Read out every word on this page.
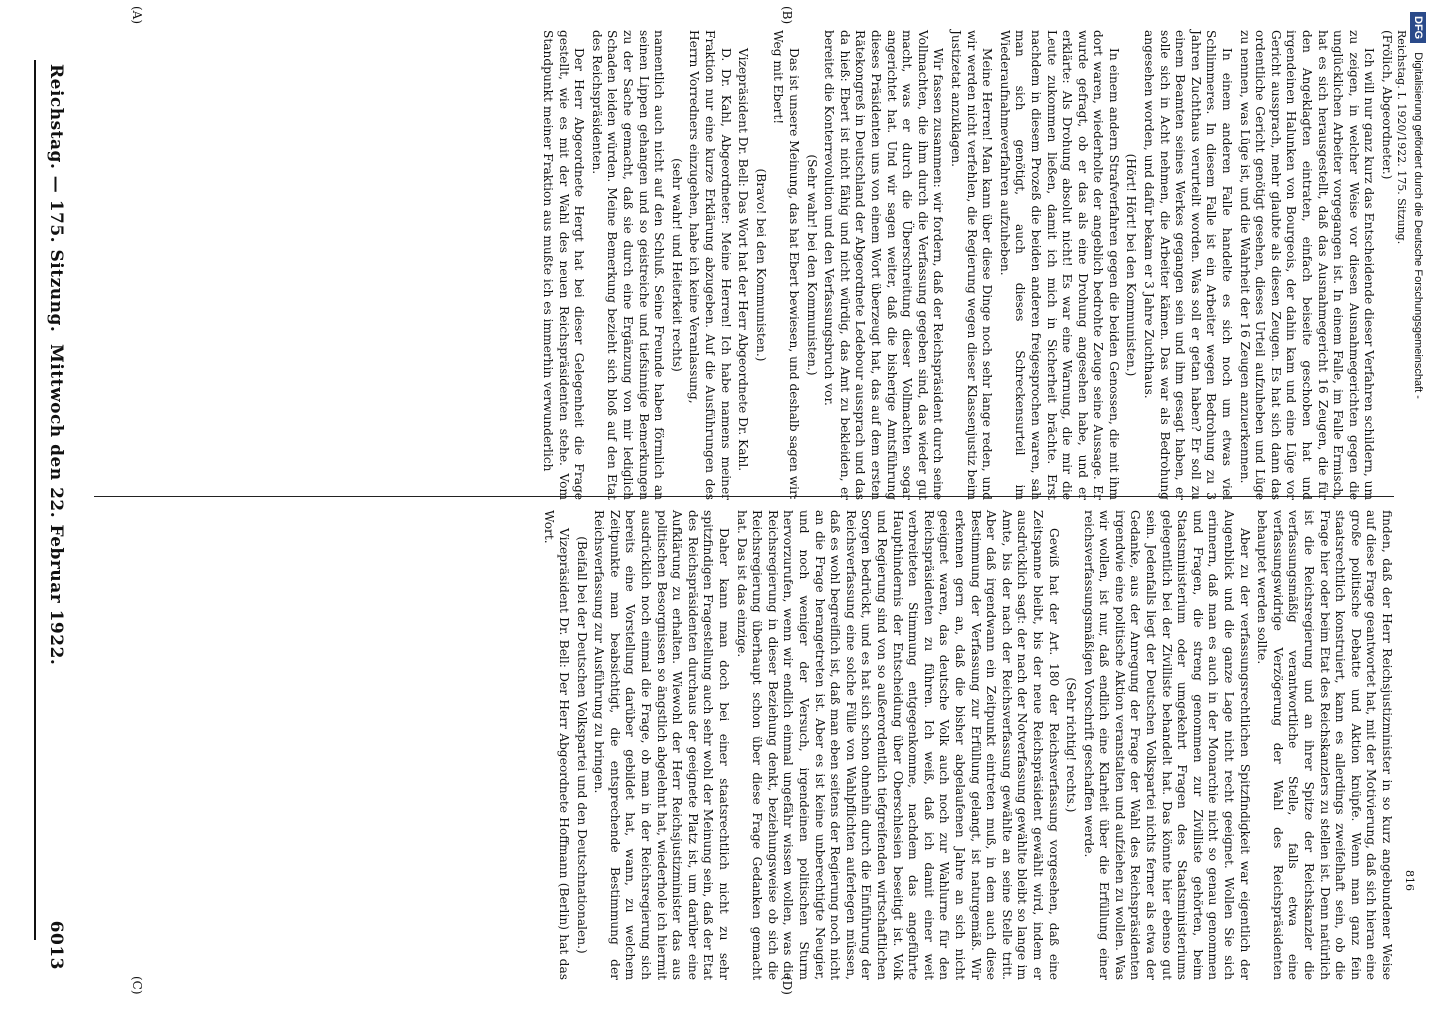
Reichstag. — 175. Sitzung.
Mittwoch den 22. Februar 1922.
6013
816
Reichstag. I. 1920/1922. 175. Sitzung.
(A)	(B)
(C)	(D)

(Frölich, Abgeordneter.)

Ich will nur ganz kurz das Entscheidende dieser Verfahren schildern, um zu zeigen, in welcher Weise vor diesen Ausnahmegerichten gegen die unglücklichen Arbeiter vorgegangen ist. In einem Falle, im Falle Ermisch, hat es sich herausgestellt, daß das Ausnahmegericht 16 Zeugen, die für den Angeklagten eintraten, einfach beiseite geschoben hat und irgendeinen Halunken von Bourgeois, der dahin kam und eine Lüge vor Gericht aussprach, mehr glaubte als diesen Zeugen. Es hat sich dann das ordentliche Gericht genötigt gesehen, dieses Urteil aufzuheben und Lüge zu nennen, was Lüge ist, und die Wahrheit der 16 Zeugen anzuerkennen.

In einem anderen Falle handelte es sich noch um etwas viel Schlimmeres. In diesem Falle ist ein Arbeiter wegen Bedrohung zu 3 Jahren Zuchthaus verurteilt worden. Was soll er getan haben? Er soll zu einem Beamten seines Werkes gegangen sein und ihm gesagt haben, er solle sich in Acht nehmen, die Arbeiter kämen. Das war als Bedrohung angesehen worden, und dafür bekam er 3 Jahre Zuchthaus.

(Hört! Hört! bei den Kommunisten.)

In einem andern Strafverfahren gegen die beiden Genossen, die mit ihm dort waren, wiederholte der angeblich bedrohte Zeuge seine Aussage. Er wurde gefragt, ob er das als eine Drohung angesehen habe, und er erklärte: Als Drohung absolut nicht! Es war eine Warnung, die mir die Leute zukommen ließen, damit ich mich in Sicherheit brächte. Erst nachdem in diesem Prozeß die beiden anderen freigesprochen waren, sah man sich genötigt, auch dieses Schreckensurteil im Wiederaufnahmeverfahren aufzuheben.

Meine Herren! Man kann über diese Dinge noch sehr lange reden, und wir werden nicht verfehlen, die Regierung wegen dieser Klassenjustiz beim Justizetat anzuklagen.

Wir fassen zusammen: wir fordern, daß der Reichspräsident durch seine Vollmachten, die ihm durch die Verfassung gegeben sind, das wieder gut macht, was er durch die Überschreitung dieser Vollmachten sogar angerichtet hat. Und wir sagen weiter, daß die bisherige Amtsführung dieses Präsidenten uns von einem Wort überzeugt hat, das auf dem ersten Rätekongreß in Deutschland der Abgeordnete Ledebour aussprach und das da hieß: Ebert ist nicht fähig und nicht würdig, das Amt zu bekleiden, er bereitet die Konterrevolution und den Verfassungsbruch vor.

(Sehr wahr! bei den Kommunisten.)

Das ist unsere Meinung, das hat Ebert bewiesen, und deshalb sagen wir: Weg mit Ebert!

(Bravo! bei den Kommunisten.)

Vizepräsident Dr. Bell: Das Wort hat der Herr Abgeordnete Dr. Kahl.

D. Dr. Kahl, Abgeordneter: Meine Herren! Ich habe namens meiner Fraktion nur eine kurze Erklärung abzugeben. Auf die Ausführungen des Herrn Vorredners einzugehen, habe ich keine Veranlassung,

(sehr wahr! und Heiterkeit rechts)

namentlich auch nicht auf den Schluß. Seine Freunde haben förmlich an seinen Lippen gehangen und so geistreiche und tiefsinnige Bemerkungen zu der Sache gemacht, daß sie durch eine Ergänzung von mir lediglich Schaden leiden würden. Meine Bemerkung bezieht sich bloß auf den Etat des Reichspräsidenten.

Der Herr Abgeordnete Hergt hat bei dieser Gelegenheit die Frage gestellt, wie es mit der Wahl des neuen Reichspräsidenten stehe. Vom Standpunkt meiner Fraktion aus mußte ich es immerhin verwunderlich

finden, daß der Herr Reichsjustizminister in so kurz angebundener Weise auf diese Frage geantwortet hat, mit der Motivierung, daß sich hieran eine große politische Debatte und Aktion knüpfe. Wenn man ganz fein staatsrechtlich konstruiert, kann es allerdings zweifelhaft sein, ob die Frage hier oder beim Etat des Reichskanzlers zu stellen ist. Denn natürlich ist die Reichsregierung und an ihrer Spitze der Reichskanzler die verfassungsmäßig verantwortliche Stelle, falls etwa eine verfassungswidrige Verzögerung der Wahl des Reichspräsidenten behauptet werden sollte.

Aber zu der verfassungsrechtlichen Spitzfindigkeit war eigentlich der Augenblick und die ganze Lage nicht recht geeignet. Wollen Sie sich erinnern, daß man es auch in der Monarchie nicht so genau genommen und Fragen, die streng genommen zur Zivilliste gehörten, beim Staatsministerium oder umgekehrt Fragen des Staatsministeriums gelegentlich bei der Zivilliste behandelt hat. Das könnte hier ebenso gut sein. Jedenfalls liegt der Deutschen Volkspartei nichts ferner als etwa der Gedanke, aus der Anregung der Frage der Wahl des Reichspräsidenten irgendwie eine politische Aktion veranstalten und aufziehen zu wollen. Was wir wollen, ist nur, daß endlich eine Klarheit über die Erfüllung einer reichsverfassungsmäßigen Vorschrift geschaffen werde.

(Sehr richtig! rechts.)

Gewiß hat der Art. 180 der Reichsverfassung vorgesehen, daß eine Zeitspanne bleibt, bis der neue Reichspräsident gewählt wird, indem er ausdrücklich sagt: der nach der Notverfassung gewählte bleibt so lange im Amte, bis der nach der Reichsverfassung gewählte an seine Stelle tritt. Aber daß irgendwann ein Zeitpunkt eintreten muß, in dem auch diese Bestimmung der Verfassung zur Erfüllung gelangt, ist naturgemäß. Wir erkennen gern an, daß die bisher abgelaufenen Jahre an sich nicht geeignet waren, das deutsche Volk auch noch zur Wahlurne für den Reichspräsidenten zu führen. Ich weiß, daß ich damit einer weit verbreiteten Stimmung entgegenkomme, nachdem das angeführte Haupthindernis der Entscheidung über Oberschlesien beseitigt ist. Volk und Regierung sind von so außerordentlich tiefgreifenden wirtschaftlichen Sorgen bedrückt, und es hat sich schon ohnehin durch die Einführung der Reichsverfassung eine solche Fülle von Wahlpflichten auferlegen müssen, daß es wohl begreiflich ist, daß man eben seitens der Regierung noch nicht an die Frage herangetreten ist. Aber es ist keine unberechtigte Neugier, und noch weniger der Versuch, irgendeinen politischen Sturm hervorzurufen, wenn wir endlich einmal ungefähr wissen wollen, was die Reichsregierung in dieser Beziehung denkt, beziehungsweise ob sich die Reichsregierung überhaupt schon über diese Frage Gedanken gemacht hat. Das ist das einzige.

Daher kann man doch bei einer staatsrechtlich nicht zu sehr spitzfindigen Fragestellung auch sehr wohl der Meinung sein, daß der Etat des Reichspräsidenten durchaus der geeignete Platz ist, um darüber eine Aufklärung zu erhalten. Wiewohl der Herr Reichsjustizminister das aus politischen Besorgnissen so ängstlich abgelehnt hat, wiederhole ich hiermit ausdrücklich noch einmal die Frage, ob man in der Reichsregierung sich bereits eine Vorstellung darüber gebildet hat, wann, zu welchem Zeitpunkte man beabsichtigt, die entsprechende Bestimmung der Reichsverfassung zur Ausführung zu bringen.

(Beifall bei der Deutschen Volkspartei und den Deutschnationalen.)

Vizepräsident Dr. Bell: Der Herr Abgeordnete Hoffmann (Berlin) hat das Wort.

DFG Digitalisierung gefördert durch die Deutsche Forschungsgemeinschaft -
